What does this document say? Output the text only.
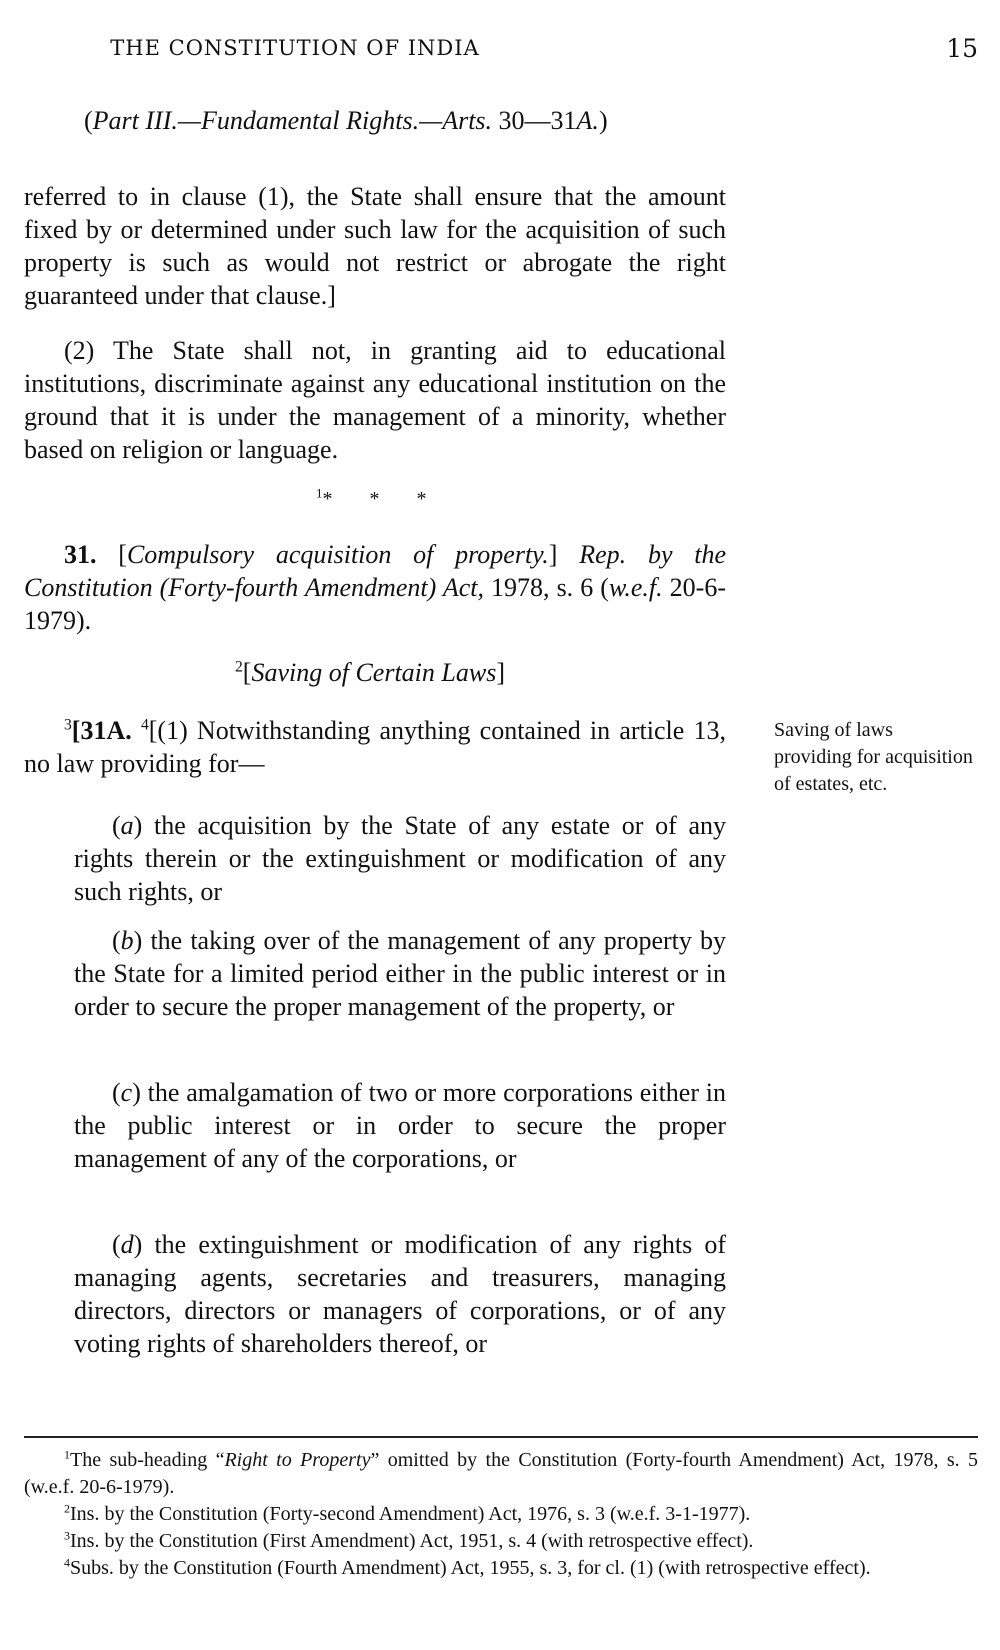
THE CONSTITUTION OF INDIA	15
(Part III.—Fundamental Rights.—Arts. 30—31A.)
referred to in clause (1), the State shall ensure that the amount fixed by or determined under such law for the acquisition of such property is such as would not restrict or abrogate the right guaranteed under that clause.]
(2) The State shall not, in granting aid to educational institutions, discriminate against any educational institution on the ground that it is under the management of a minority, whether based on religion or language.
$^1$* * *
31. [Compulsory acquisition of property.] Rep. by the Constitution (Forty-fourth Amendment) Act, 1978, s. 6 (w.e.f. 20-6-1979).
$^2$[Saving of Certain Laws]
$^3$[31A. $^4$[(1) Notwithstanding anything contained in article 13, no law providing for—
Saving of laws providing for acquisition of estates, etc.
(a) the acquisition by the State of any estate or of any rights therein or the extinguishment or modification of any such rights, or
(b) the taking over of the management of any property by the State for a limited period either in the public interest or in order to secure the proper management of the property, or
(c) the amalgamation of two or more corporations either in the public interest or in order to secure the proper management of any of the corporations, or
(d) the extinguishment or modification of any rights of managing agents, secretaries and treasurers, managing directors, directors or managers of corporations, or of any voting rights of shareholders thereof, or

$^1$The sub-heading “Right to Property” omitted by the Constitution (Forty-fourth Amendment) Act, 1978, s. 5 (w.e.f. 20-6-1979).

$^2$Ins. by the Constitution (Forty-second Amendment) Act, 1976, s. 3 (w.e.f. 3-1-1977).

$^3$Ins. by the Constitution (First Amendment) Act, 1951, s. 4 (with retrospective effect).

$^4$Subs. by the Constitution (Fourth Amendment) Act, 1955, s. 3, for cl. (1) (with retrospective effect).
